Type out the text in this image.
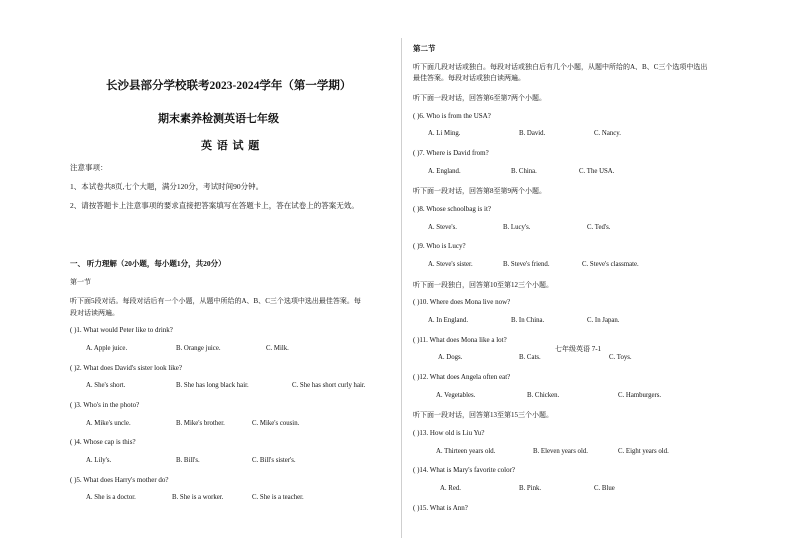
长沙县部分学校联考2023-2024学年（第一学期）
期末素养检测英语七年级
英 语 试 题
注意事项：
1、本试卷共8页,七个大题，满分120分，考试时间90分钟。
2、请按答题卡上注意事项的要求直接把答案填写在答题卡上，答在试卷上的答案无效。
一、 听力理解（20小题，每小题1分，共20分）
第一节
听下面5段对话。每段对话后有一个小题，从题中所给的A、B、C三个选项中选出最佳答案。每
段对话读两遍。
( )1. What would Peter like to drink?
A. Apple juice.	B. Orange juice.	C. Milk.
( )2. What does David's sister look like?
A. She's short.	B. She has long black hair.	C. She has short curly hair.
( )3. Who's in the photo?
A. Mike's uncle.	B. Mike's brother.	C. Mike's cousin.
( )4. Whose cap is this?
A. Lily's.	B. Bill's.	C. Bill's sister's.
( )5. What does Harry's mother do?
A. She is a doctor.	B. She is a worker.	C. She is a teacher.
第二节
听下面几段对话或独白。每段对话或独白后有几个小题，从题中所给的A、B、C三个选项中选出
最佳答案。每段对话或独白读两遍。
听下面一段对话，回答第6至第7两个小题。
( )6. Who is from the USA?
A. Li Ming.	B. David.	C. Nancy.
( )7. Where is David from?
A. England.	B. China.	C. The USA.
听下面一段对话，回答第8至第9两个小题。
( )8. Whose schoolbag is it?
A. Steve's.	B. Lucy's.	C. Ted's.
( )9. Who is Lucy?
A. Steve's sister.	B. Steve's friend.	C. Steve's classmate.
听下面一段独白，回答第10至第12三个小题。
( )10. Where does Mona live now?
A. In England.	B. In China.	C. In Japan.
( )11. What does Mona like a lot?
A. Dogs.	B. Cats.	C. Toys.
七年级英语 7-1
( )12. What does Angela often eat?
A. Vegetables.	B. Chicken.	C. Hamburgers.
听下面一段对话，回答第13至第15三个小题。
( )13. How old is Liu Yu?
A. Thirteen years old.	B. Eleven years old.	C. Eight years old.
( )14. What is Mary's favorite color?
A. Red.	B. Pink.	C. Blue
( )15. What is Ann?
